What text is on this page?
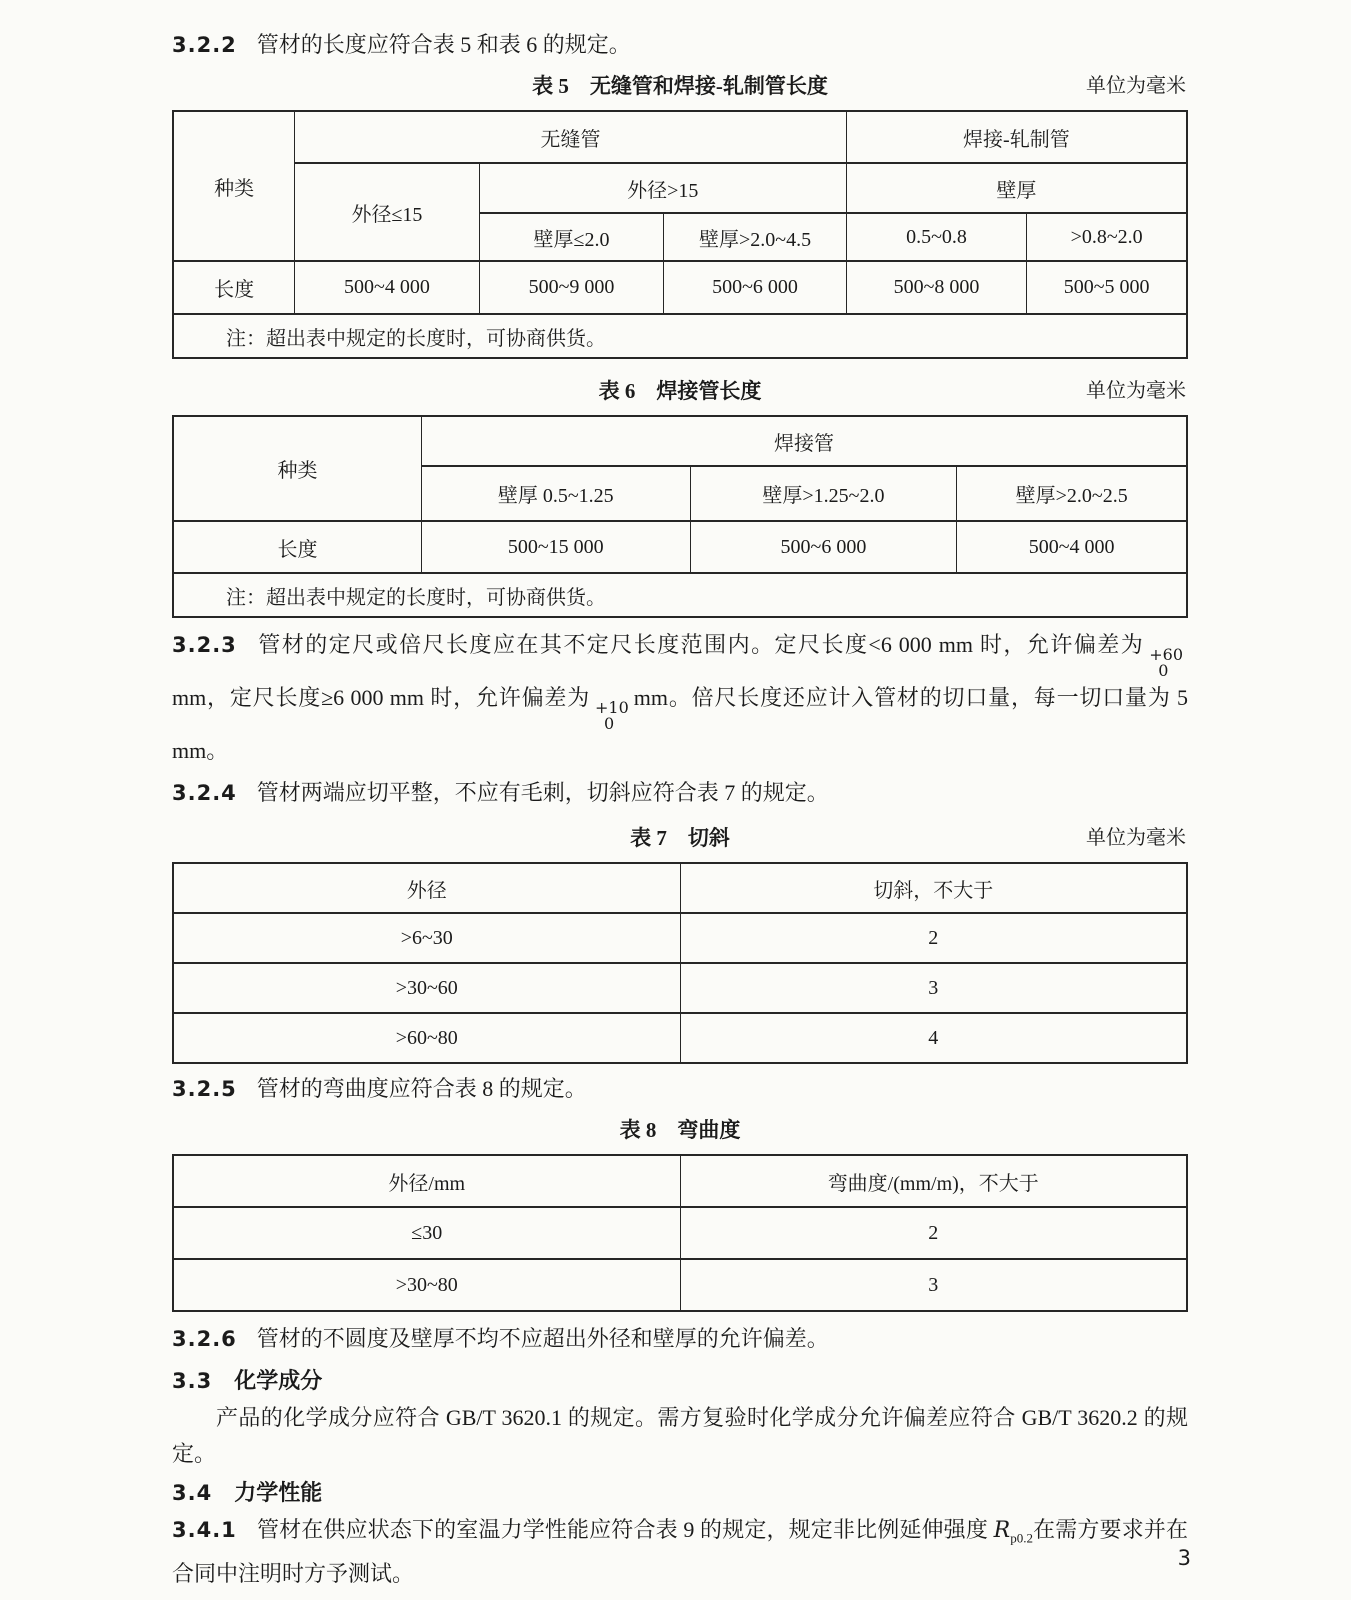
3.2.2 管材的长度应符合表 5 和表 6 的规定。

表 5　无缝管和焊接-轧制管长度	单位为毫米
种类	无缝管			焊接-轧制管	
	外径≤15	外径>15		壁厚	
		壁厚≤2.0	壁厚>2.0~4.5	0.5~0.8	>0.8~2.0
长度	500~4 000	500~9 000	500~6 000	500~8 000	500~5 000
注：超出表中规定的长度时，可协商供货。					
表 6　焊接管长度	单位为毫米
种类	焊接管		
	壁厚 0.5~1.25	壁厚>1.25~2.0	壁厚>2.0~2.5
长度	500~15 000	500~6 000	500~4 000
注：超出表中规定的长度时，可协商供货。			

3.2.3 管材的定尺或倍尺长度应在其不定尺长度范围内。定尺长度<6 000 mm 时，允许偏差为 +60
0
mm，定尺长度≥6 000 mm 时，允许偏差为 +10
0
mm。倍尺长度还应计入管材的切口量，每一切口量为 5 mm。

3.2.4 管材两端应切平整，不应有毛刺，切斜应符合表 7 的规定。

表 7　切斜	单位为毫米
外径	切斜，不大于
>6~30	2
>30~60	3
>60~80	4

3.2.5 管材的弯曲度应符合表 8 的规定。

表 8　弯曲度
外径/mm	弯曲度/(mm/m)，不大于
≤30	2
>30~80	3

3.2.6 管材的不圆度及壁厚不均不应超出外径和壁厚的允许偏差。

3.3 化学成分

产品的化学成分应符合 GB/T 3620.1 的规定。需方复验时化学成分允许偏差应符合 GB/T 3620.2 的规定。

3.4 力学性能

3.4.1 管材在供应状态下的室温力学性能应符合表 9 的规定，规定非比例延伸强度 $R_{p0.2}$在需方要求并在合同中注明时方予测试。

3
